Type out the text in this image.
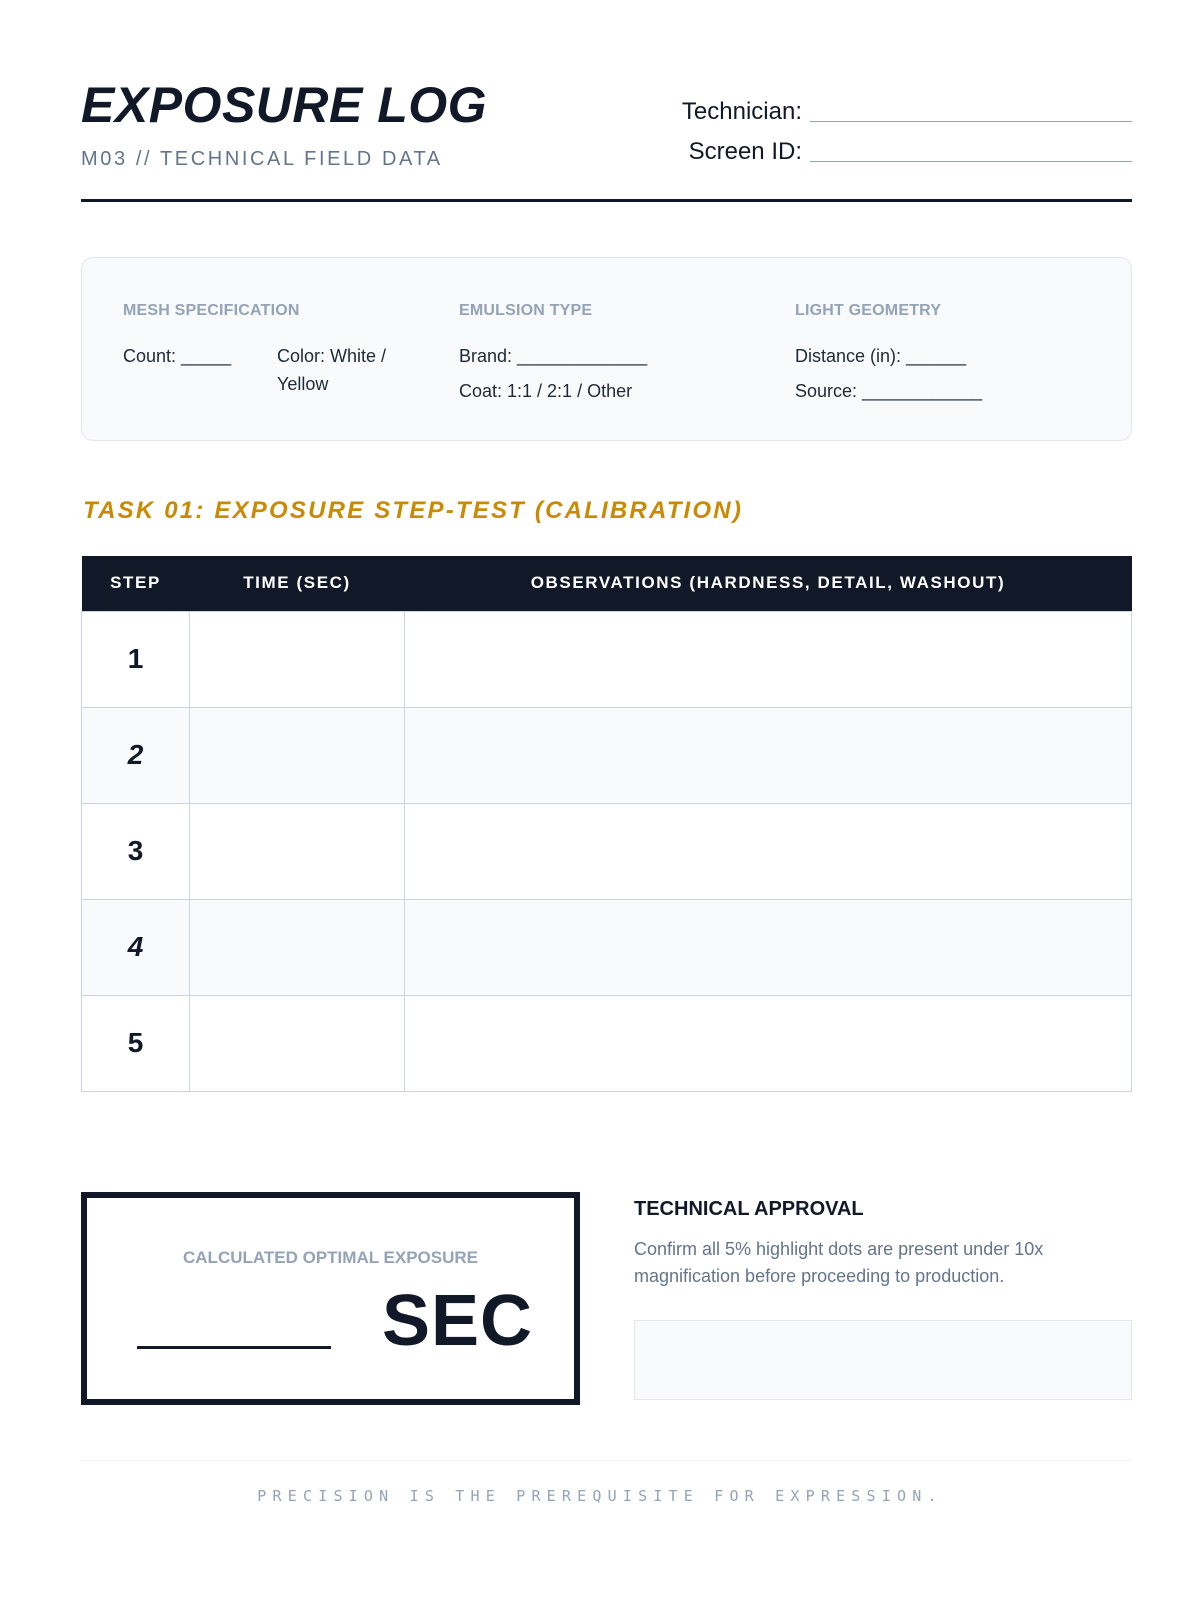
EXPOSURE LOG
M03 // TECHNICAL FIELD DATA
Technician:
Screen ID:
MESH SPECIFICATION
Count: _____	Color: White /
Yellow
EMULSION TYPE
Brand: _____________
Coat: 1:1 / 2:1 / Other
LIGHT GEOMETRY
Distance (in): ______
Source: ____________
TASK 01: EXPOSURE STEP-TEST (CALIBRATION)
STEP	TIME (SEC)	OBSERVATIONS (HARDNESS, DETAIL, WASHOUT)
1		
2		
3		
4		
5		
CALCULATED OPTIMAL EXPOSURE
SEC
TECHNICAL APPROVAL
Confirm all 5% highlight dots are present under 10x magnification before proceeding to production.
PRECISION IS THE PREREQUISITE FOR EXPRESSION.
